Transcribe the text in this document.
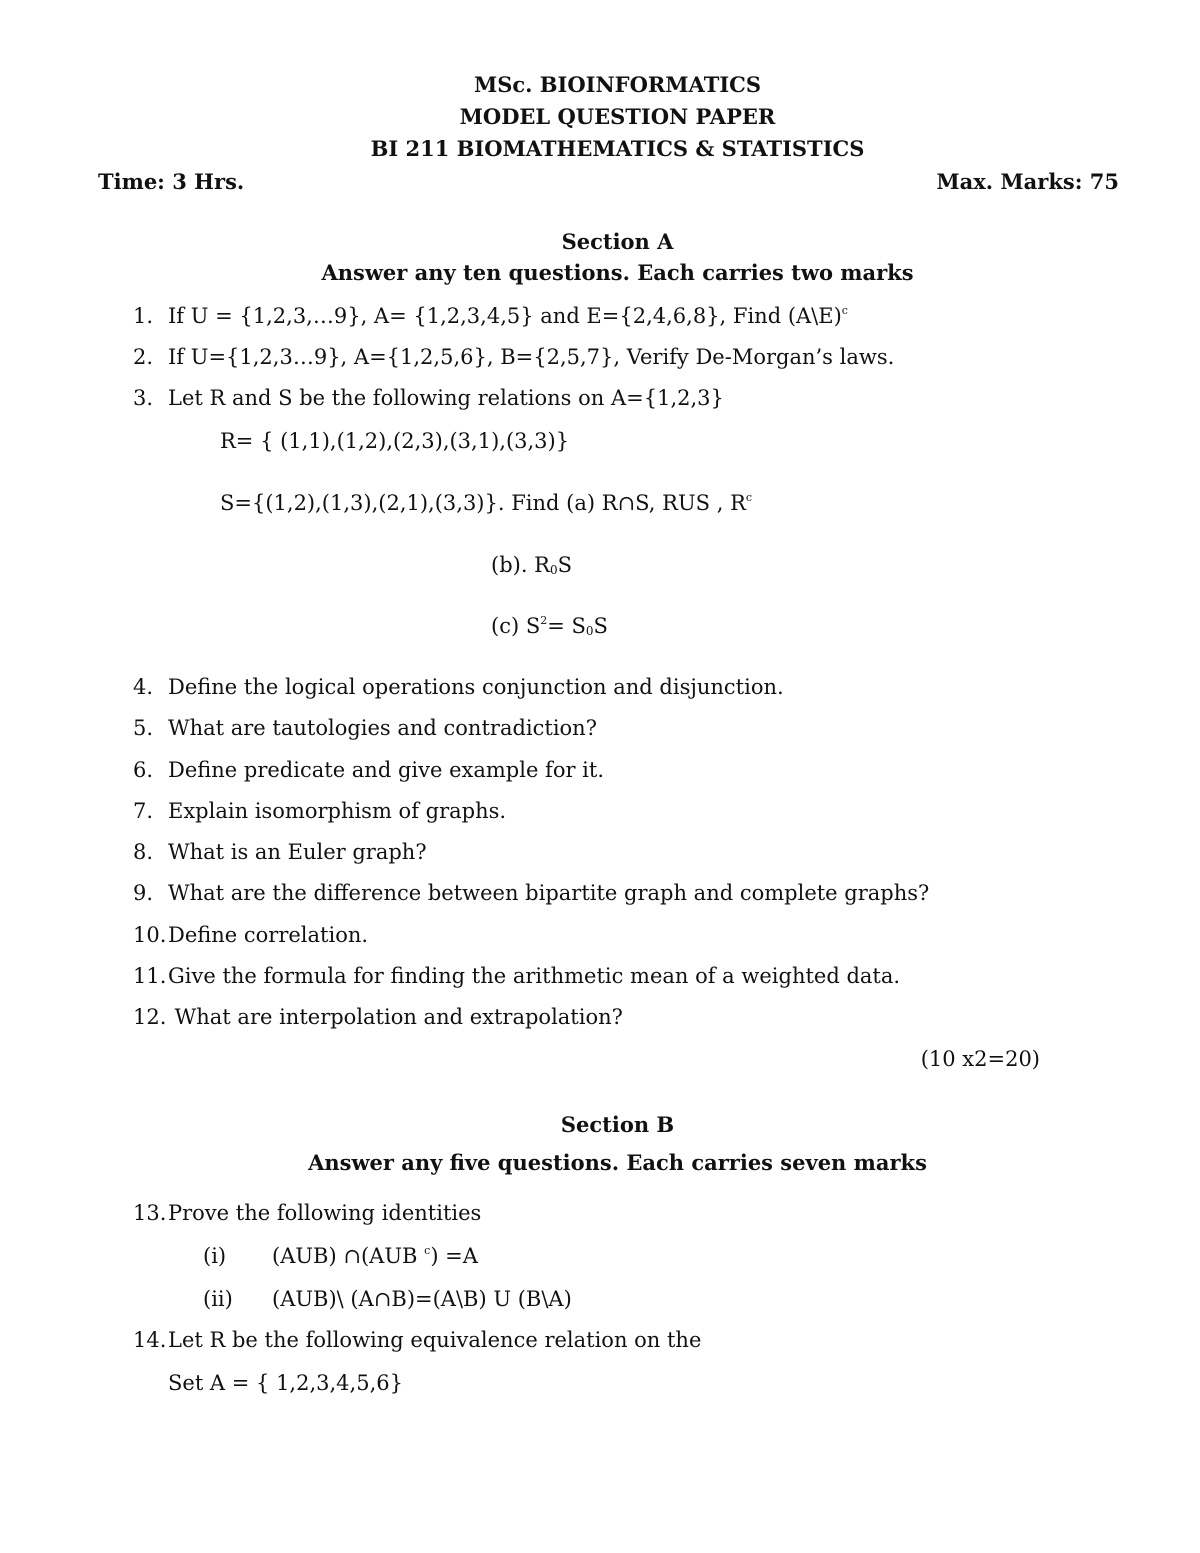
MSc. BIOINFORMATICS
MODEL QUESTION PAPER
BI 211 BIOMATHEMATICS & STATISTICS
Time: 3 Hrs.	Max. Marks: 75
Section A
Answer any ten questions. Each carries two marks
1. If U = {1,2,3,…9}, A= {1,2,3,4,5} and E={2,4,6,8}, Find (A\E)$^c$
2. If U={1,2,3…9}, A={1,2,5,6}, B={2,5,7}, Verify De-Morgan’s laws.
3. Let R and S be the following relations on A={1,2,3}
R= { (1,1),(1,2),(2,3),(3,1),(3,3)}
S={(1,2),(1,3),(2,1),(3,3)}. Find (a) R∩S, RUS , $R^c$
(b). $R_0S$
(c) $S^2= S_0S$
4. Define the logical operations conjunction and disjunction.
5. What are tautologies and contradiction?
6. Define predicate and give example for it.
7. Explain isomorphism of graphs.
8. What is an Euler graph?
9. What are the difference between bipartite graph and complete graphs?
10.Define correlation.
11.Give the formula for finding the arithmetic mean of a weighted data.
12. What are interpolation and extrapolation?
(10 x2=20)
Section B
Answer any five questions. Each carries seven marks
13.Prove the following identities
(i) (AUB) ∩(AUB $^c$) =A
(ii) (AUB)\ (A∩B)=(A\B) U (B\A)
14.Let R be the following equivalence relation on the
Set A = { 1,2,3,4,5,6}
